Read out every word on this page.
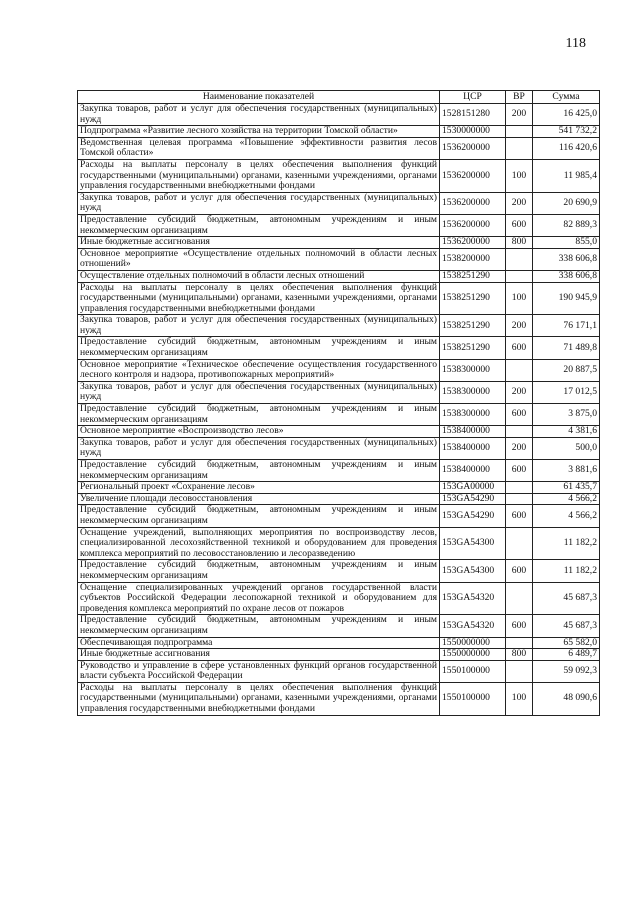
118
Наименование показателей	ЦСР	ВР	Сумма
Закупка товаров, работ и услуг для обеспечения государственных (муниципальных) нужд	1528151280	200	16 425,0
Подпрограмма «Развитие лесного хозяйства на территории Томской области»	1530000000		541 732,2
Ведомственная целевая программа «Повышение эффективности развития лесов Томской области»	1536200000		116 420,6
Расходы на выплаты персоналу в целях обеспечения выполнения функций государственными (муниципальными) органами, казенными учреждениями, органами управления государственными внебюджетными фондами	1536200000	100	11 985,4
Закупка товаров, работ и услуг для обеспечения государственных (муниципальных) нужд	1536200000	200	20 690,9
Предоставление субсидий бюджетным, автономным учреждениям и иным некоммерческим организациям	1536200000	600	82 889,3
Иные бюджетные ассигнования	1536200000	800	855,0
Основное мероприятие «Осуществление отдельных полномочий в области лесных отношений»	1538200000		338 606,8
Осуществление отдельных полномочий в области лесных отношений	1538251290		338 606,8
Расходы на выплаты персоналу в целях обеспечения выполнения функций государственными (муниципальными) органами, казенными учреждениями, органами управления государственными внебюджетными фондами	1538251290	100	190 945,9
Закупка товаров, работ и услуг для обеспечения государственных (муниципальных) нужд	1538251290	200	76 171,1
Предоставление субсидий бюджетным, автономным учреждениям и иным некоммерческим организациям	1538251290	600	71 489,8
Основное мероприятие «Техническое обеспечение осуществления государственного лесного контроля и надзора, противопожарных мероприятий»	1538300000		20 887,5
Закупка товаров, работ и услуг для обеспечения государственных (муниципальных) нужд	1538300000	200	17 012,5
Предоставление субсидий бюджетным, автономным учреждениям и иным некоммерческим организациям	1538300000	600	3 875,0
Основное мероприятие «Воспроизводство лесов»	1538400000		4 381,6
Закупка товаров, работ и услуг для обеспечения государственных (муниципальных) нужд	1538400000	200	500,0
Предоставление субсидий бюджетным, автономным учреждениям и иным некоммерческим организациям	1538400000	600	3 881,6
Региональный проект «Сохранение лесов»	153GA00000		61 435,7
Увеличение площади лесовосстановления	153GA54290		4 566,2
Предоставление субсидий бюджетным, автономным учреждениям и иным некоммерческим организациям	153GA54290	600	4 566,2
Оснащение учреждений, выполняющих мероприятия по воспроизводству лесов, специализированной лесохозяйственной техникой и оборудованием для проведения комплекса мероприятий по лесовосстановлению и лесоразведению	153GA54300		11 182,2
Предоставление субсидий бюджетным, автономным учреждениям и иным некоммерческим организациям	153GA54300	600	11 182,2
Оснащение специализированных учреждений органов государственной власти субъектов Российской Федерации лесопожарной техникой и оборудованием для проведения комплекса мероприятий по охране лесов от пожаров	153GA54320		45 687,3
Предоставление субсидий бюджетным, автономным учреждениям и иным некоммерческим организациям	153GA54320	600	45 687,3
Обеспечивающая подпрограмма	1550000000		65 582,0
Иные бюджетные ассигнования	1550000000	800	6 489,7
Руководство и управление в сфере установленных функций органов государственной власти субъекта Российской Федерации	1550100000		59 092,3
Расходы на выплаты персоналу в целях обеспечения выполнения функций государственными (муниципальными) органами, казенными учреждениями, органами управления государственными внебюджетными фондами	1550100000	100	48 090,6
